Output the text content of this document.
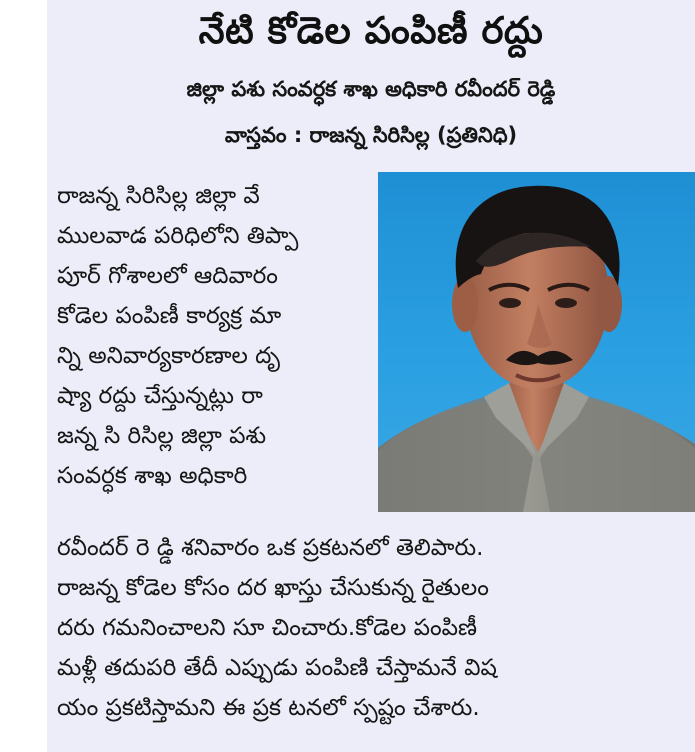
నేటి కోడెల పంపిణీ రద్దు
జిల్లా పశు సంవర్ధక శాఖ అధికారి రవీందర్ రెడ్డి
వాస్తవం : రాజన్న సిరిసిల్ల (ప్రతినిధి)
రాజన్న సిరిసిల్ల జిల్లా వే
ములవాడ పరిధిలోని తిప్పా
పూర్ గోశాలలో ఆదివారం
కోడెల పంపిణీ కార్యక్ర మా
న్ని అనివార్యకారణాల దృ
ష్యా రద్దు చేస్తున్నట్లు రా
జన్న సి రిసిల్ల జిల్లా పశు
సంవర్ధక శాఖ అధికారి
రవీందర్ రె డ్డి శనివారం ఒక ప్రకటనలో తెలిపారు.
రాజన్న కోడెల కోసం దర ఖాస్తు చేసుకున్న రైతులం
దరు గమనించాలని సూ చించారు.కోడెల పంపిణీ
మళ్లీ తదుపరి తేదీ ఎప్పుడు పంపిణి చేస్తామనే విష
యం ప్రకటిస్తామని ఈ ప్రక టనలో స్పష్టం చేశారు.
